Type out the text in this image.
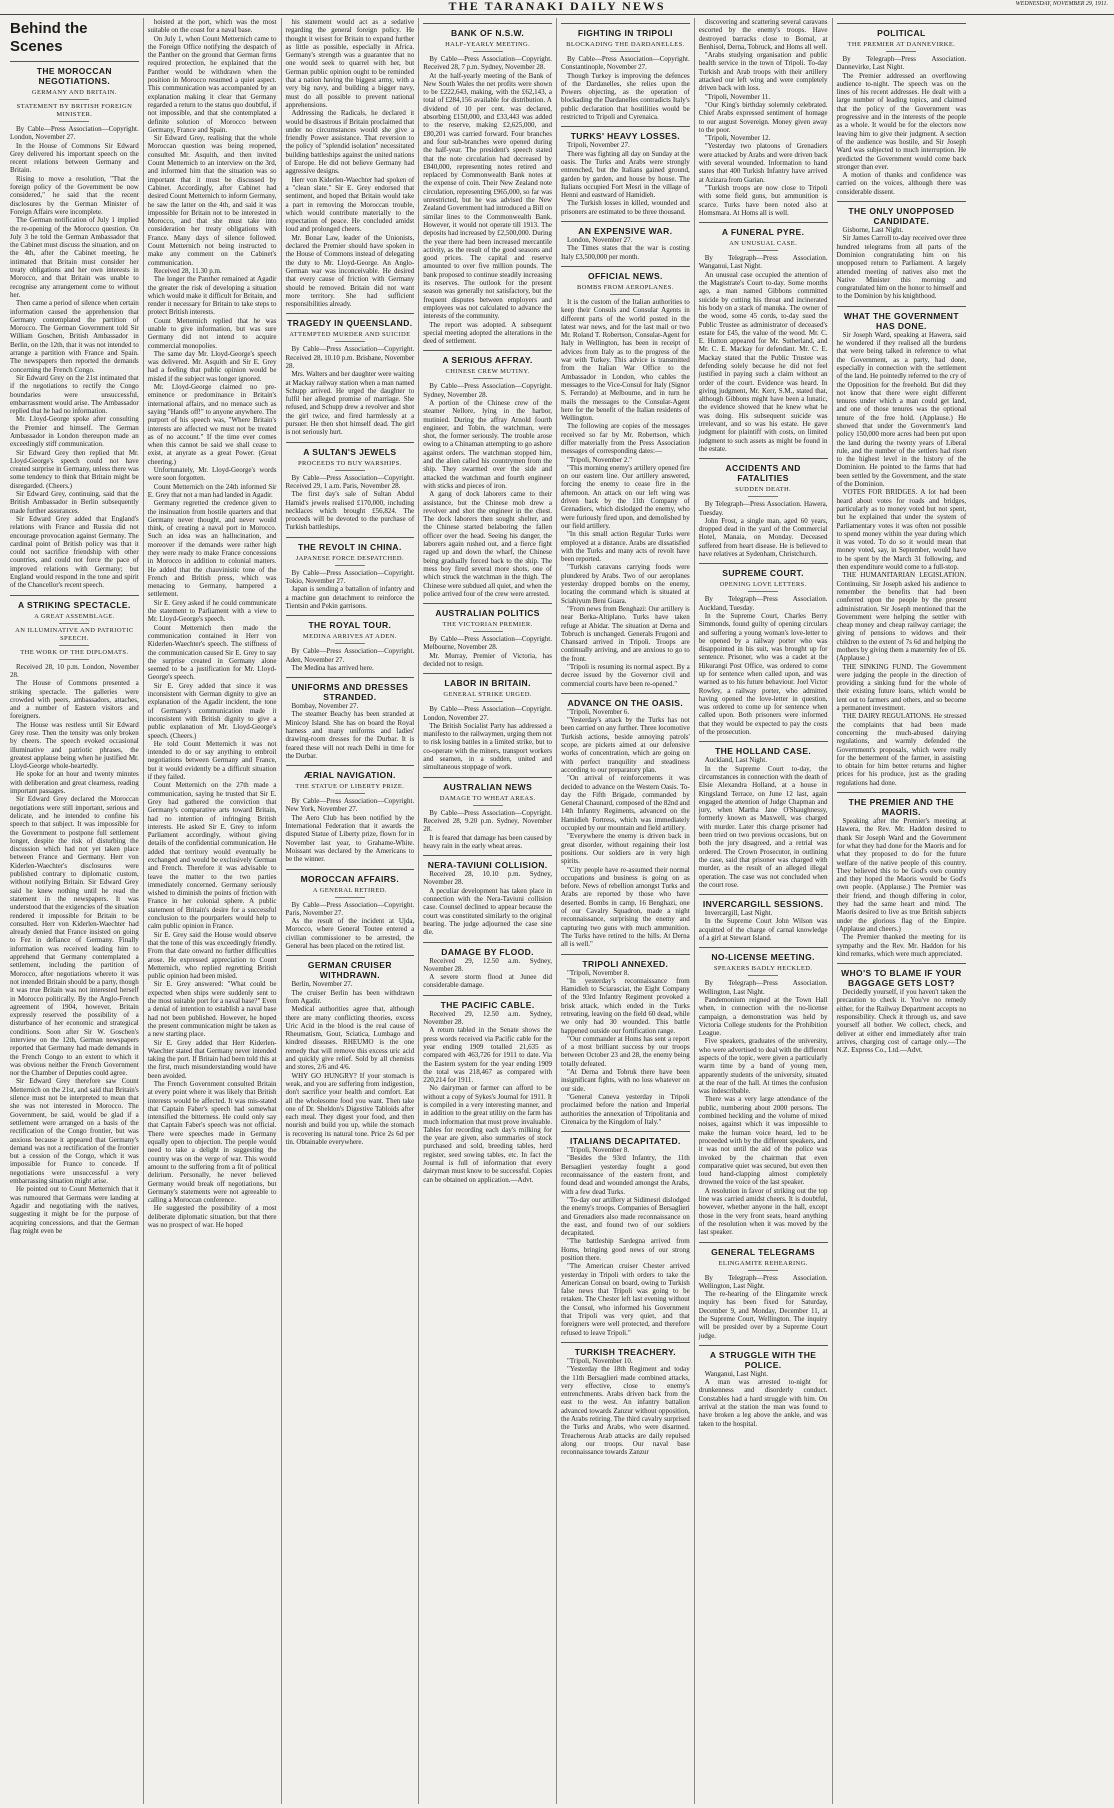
THE TARANAKI DAILY NEWS	WEDNESDAY, NOVEMBER 29, 1911.
Behind the Scenes
THE MOROCCAN NEGOTIATIONS.
GERMANY AND BRITAIN.
STATEMENT BY BRITISH FOREIGN MINISTER.

By Cable—Press Association—Copyright. London, November 27.

In the House of Commons Sir Edward Grey delivered his important speech on the recent relations between Germany and Britain.

Rising to move a resolution, "That the foreign policy of the Government be now considered," he said that the recent disclosures by the German Minister of Foreign Affairs were incomplete.

The German notification of July 1 implied the re-opening of the Morocco question. On July 3 he told the German Ambassador that the Cabinet must discuss the situation, and on the 4th, after the Cabinet meeting, he intimated that Britain must consider her treaty obligations and her own interests in Morocco, and that Britain was unable to recognise any arrangement come to without her.

Then came a period of silence when certain information caused the apprehension that Germany contemplated the partition of Morocco. The German Government told Sir William Goschen, British Ambassador in Berlin, on the 12th, that it was not intended to arrange a partition with France and Spain. The newspapers then reported the demands concerning the French Congo.

Sir Edward Grey on the 21st intimated that if the negotiations to rectify the Congo boundaries were unsuccessful, embarrassment would arise. The Ambassador replied that he had no information.

Mr. Lloyd-George spoke after consulting the Premier and himself. The German Ambassador in London thereupon made an exceedingly stiff communication.

Sir Edward Grey then replied that Mr. Lloyd-George's speech could not have created surprise in Germany, unless there was some tendency to think that Britain might be disregarded. (Cheers.)

Sir Edward Grey, continuing, said that the British Ambassador in Berlin subsequently made further assurances.

Sir Edward Grey added that England's relations with France and Russia did not encourage provocation against Germany. The cardinal point of British policy was that it could not sacrifice friendship with other countries, and could not force the pace of improved relations with Germany; but England would respond in the tone and spirit of the Chancellor's recent speech.

A STRIKING SPECTACLE.
A GREAT ASSEMBLAGE.
AN ILLUMINATIVE AND PATRIOTIC SPEECH.
THE WORK OF THE DIPLOMATS.

Received 28, 10 p.m. London, November 28.

The House of Commons presented a striking spectacle. The galleries were crowded with peers, ambassadors, attaches, and a number of Eastern visitors and foreigners.

The House was restless until Sir Edward Grey rose. Then the tensity was only broken by cheers. The speech evoked occasional illuminative and patriotic phrases, the greatest applause being when he justified Mr. Lloyd-George whole-heartedly.

He spoke for an hour and twenty minutes with deliberation and great clearness, reading important passages.

Sir Edward Grey declared the Moroccan negotiations were still important, serious and delicate, and he intended to confine his speech to that subject. It was impossible for the Government to postpone full settlement longer, despite the risk of disturbing the discussion which had not yet taken place between France and Germany. Herr von Kiderlen-Waechter's disclosures were published contrary to diplomatic custom, without notifying Britain. Sir Edward Grey said he knew nothing until he read the statement in the newspapers. It was understood that the exigencies of the situation rendered it impossible for Britain to be consulted. Herr von Kiderlen-Waechter had already denied that France insisted on going to Fez in defiance of Germany. Finally information was received leading him to apprehend that Germany contemplated a settlement, including the partition of Morocco, after negotiations whereto it was not intended Britain should be a party, though it was true Britain was not interested herself in Morocco politically. By the Anglo-French agreement of 1904, however, Britain expressly reserved the possibility of a disturbance of her economic and strategical conditions. Soon after Sir W. Goschen's interview on the 12th, German newspapers reported that Germany had made demands in the French Congo to an extent to which it was obvious neither the French Government nor the Chamber of Deputies could agree.

Sir Edward Grey therefore saw Count Metternich on the 21st, and said that Britain's silence must not be interpreted to mean that she was not interested in Morocco. The Government, he said, would be glad if a settlement were arranged on a basis of the rectification of the Congo frontier, but was anxious because it appeared that Germany's demand was not a rectification of the frontier but a cession of the Congo, which it was impossible for France to concede. If negotiations were unsuccessful a very embarrassing situation might arise.

He pointed out to Count Metternich that it was rumoured that Germans were landing at Agadir and negotiating with the natives, suggesting it might be for the purpose of acquiring concessions, and that the German flag might even be

hoisted at the port, which was the most suitable on the coast for a naval base.

On July 1, when Count Metternich came to the Foreign Office notifying the despatch of the Panther on the ground that German firms required protection, he explained that the Panther would be withdrawn when the position in Morocco resumed a quiet aspect. This communication was accompanied by an explanation making it clear that Germany regarded a return to the status quo doubtful, if not impossible, and that she contemplated a definite solution of Morocco between Germany, France and Spain.

Sir Edward Grey, realising that the whole Moroccan question was being reopened, consulted Mr. Asquith, and then invited Count Metternich to an interview on the 3rd, and informed him that the situation was so important that it must be discussed by Cabinet. Accordingly, after Cabinet had desired Count Metternich to inform Germany, he saw the latter on the 4th, and said it was impossible for Britain not to be interested in Morocco, and that she must take into consideration her treaty obligations with France. Many days of silence followed. Count Metternich not being instructed to make any comment on the Cabinet's communication.

Received 28, 11.30 p.m.

The longer the Panther remained at Agadir the greater the risk of developing a situation which would make it difficult for Britain, and render it necessary for Britain to take steps to protect British interests.

Count Metternich replied that he was unable to give information, but was sure Germany did not intend to acquire commercial monopolies.

The same day Mr. Lloyd-George's speech was delivered. Mr. Asquith and Sir E. Grey had a feeling that public opinion would be misled if the subject was longer ignored.

Mr. Lloyd-George claimed no pre-eminence or predominance in Britain's international affairs, and no menace such as saying "Hands off!" to anyone anywhere. The purport of his speech was, "Where Britain's interests are affected we must not be treated as of no account." If the time ever comes when this cannot be said we shall cease to exist, at anyrate as a great Power. (Great cheering.)

Unfortunately, Mr. Lloyd-George's words were soon forgotten.

Count Metternich on the 24th informed Sir E. Grey that not a man had landed in Agadir.

Germany regretted the credence given to the insinuation from hostile quarters and that Germany never thought, and never would think, of creating a naval port in Morocco. Such an idea was an hallucination, and moreover if the demands were rather high they were ready to make France concessions in Morocco in addition to colonial matters. He added that the chauvinistic tone of the French and British press, which was menacing to Germany, hampered a settlement.

Sir E. Grey asked if he could communicate the statement to Parliament with a view to Mr. Lloyd-George's speech.

Count Metternich then made the communication contained in Herr von Kiderlen-Waechter's speech. The stiffness of the communication caused Sir E. Grey to say the surprise created in Germany alone seemed to be a justification for Mr. Lloyd-George's speech.

Sir E. Grey added that since it was inconsistent with German dignity to give an explanation of the Agadir incident, the tone of Germany's communication made it inconsistent with British dignity to give a public explanation of Mr. Lloyd-George's speech. (Cheers.)

He told Count Metternich it was not intended to do or say anything to embroil negotiations between Germany and France, but it would evidently be a difficult situation if they failed.

Count Metternich on the 27th made a communication, saying he trusted that Sir E. Grey had gathered the conviction that Germany's comparative arts toward Britain, had no intention of infringing British interests. He asked Sir E. Grey to inform Parliament accordingly, without giving details of the confidential communication. He added that territory would eventually be exchanged and would be exclusively German and French. Therefore it was advisable to leave the matter to the two parties immediately concerned. Germany seriously wished to diminish the points of friction with France in her colonial sphere. A public statement of Britain's desire for a successful conclusion to the pourparlers would help to calm public opinion in France.

Sir E. Grey said the House would observe that the tone of this was exceedingly friendly. From that date onward no further difficulties arose. He expressed appreciation to Count Metternich, who replied regretting British public opinion had been misled.

Sir E. Grey answered: "What could be expected when ships were suddenly sent to the most suitable port for a naval base?" Even a denial of intention to establish a naval base had not been published. However, he hoped the present communication might be taken as a new starting place.

Sir E. Grey added that Herr Kiderlen-Waechter stated that Germany never intended taking the port. If Britain had been told this at the first, much misunderstanding would have been avoided.

The French Government consulted Britain at every point where it was likely that British interests would be affected. It was mis-stated that Captain Faber's speech had somewhat intensified the bitterness. He could only say that Captain Faber's speech was not official. There were speeches made in Germany equally open to objection. The people would need to take a delight in suggesting the country was on the verge of war. This would amount to the suffering from a fit of political delirium. Personally, he never believed Germany would break off negotiations, but Germany's statements were not agreeable to calling a Moroccan conference.

He suggested the possibility of a most deliberate diplomatic situation, but that there was no prospect of war. He hoped

his statement would act as a sedative regarding the general foreign policy. He thought it wisest for Britain to expand further as little as possible, especially in Africa. Germany's strength was a guarantee that no one would seek to quarrel with her, but German public opinion ought to be reminded that a nation having the biggest army, with a very big navy, and building a bigger navy, must do all possible to prevent national apprehensions.

Addressing the Radicals, he declared it would be disastrous if Britain proclaimed that under no circumstances would she give a friendly Power assistance. That reversion to the policy of "splendid isolation" necessitated building battleships against the united nations of Europe. He did not believe Germany had aggressive designs.

Herr von Kiderlen-Waechter had spoken of a "clean slate." Sir E. Grey endorsed that sentiment, and hoped that Britain would take a part in removing the Moroccan trouble, which would contribute materially to the expectation of peace. He concluded amidst loud and prolonged cheers.

Mr. Bonar Law, leader of the Unionists, declared the Premier should have spoken in the House of Commons instead of delegating the duty to Mr. Lloyd-George. An Anglo-German war was inconceivable. He desired that every cause of friction with Germany should be removed. Britain did not want more territory. She had sufficient responsibilities already.

TRAGEDY IN QUEENSLAND.
ATTEMPTED MURDER AND SUICIDE

By Cable—Press Association—Copyright. Received 28, 10.10 p.m. Brisbane, November 28.

Mrs. Walters and her daughter were waiting at Mackay railway station when a man named Schupp arrived. He urged the daughter to fulfil her alleged promise of marriage. She refused, and Schupp drew a revolver and shot the girl twice, and fired harmlessly at a pursuer. He then shot himself dead. The girl is not seriously hurt.

A SULTAN'S JEWELS
PROCEEDS TO BUY WARSHIPS.

By Cable—Press Association—Copyright. Received 29, 1 a.m. Paris, November 28.

The first day's sale of Sultan Abdul Hamid's jewels realised £170,000, including necklaces which brought £56,824. The proceeds will be devoted to the purchase of Turkish battleships.

THE REVOLT IN CHINA.
JAPANESE FORCE DESPATCHED.

By Cable—Press Association—Copyright. Tokio, November 27.

Japan is sending a battalion of infantry and a machine gun detachment to reinforce the Tientsin and Pekin garrisons.

THE ROYAL TOUR.
MEDINA ARRIVES AT ADEN.

By Cable—Press Association—Copyright. Aden, November 27.

The Medina has arrived here.

UNIFORMS AND DRESSES STRANDED.

Bombay, November 27.

The steamer Beachy has been stranded at Minicoy Island. She has on board the Royal harness and many uniforms and ladies' drawing-room dresses for the Durbar. It is feared these will not reach Delhi in time for the Durbar.

ÆRIAL NAVIGATION.
THE STATUE OF LIBERTY PRIZE.

By Cable—Press Association—Copyright. New York, November 27.

The Aero Club has been notified by the International Federation that it awards the disputed Statue of Liberty prize, flown for in November last year, to Grahame-White. Moissant was declared by the Americans to be the winner.

MOROCCAN AFFAIRS.
A GENERAL RETIRED.

By Cable—Press Association—Copyright. Paris, November 27.

As the result of the incident at Ujda, Morocco, where General Toutee entered a civilian commissioner to be arrested, the General has been placed on the retired list.

GERMAN CRUISER WITHDRAWN.

Berlin, November 27.

The cruiser Berlin has been withdrawn from Agadir.

Medical authorities agree that, although there are many conflicting theories, excess Uric Acid in the blood is the real cause of Rheumatism, Gout, Sciatica, Lumbago and kindred diseases. RHEUMO is the one remedy that will remove this excess uric acid and quickly give relief. Sold by all chemists and stores, 2/6 and 4/6.

WHY GO HUNGRY? If your stomach is weak, and you are suffering from indigestion, don't sacrifice your health and comfort. Eat all the wholesome food you want. Then take one of Dr. Sheldon's Digestive Tabloids after each meal. They digest your food, and then nourish and build you up, while the stomach is recovering its natural tone. Price 2s 6d per tin. Obtainable everywhere.

BANK OF N.S.W.
HALF-YEARLY MEETING.

By Cable—Press Association—Copyright. Received 28, 7 p.m. Sydney, November 28.

At the half-yearly meeting of the Bank of New South Wales the net profits were shown to be £222,643, making, with the £62,143, a total of £284,156 available for distribution. A dividend of 10 per cent. was declared, absorbing £150,000, and £33,443 was added to the reserve, making £2,625,000, and £80,201 was carried forward. Four branches and four sub-branches were opened during the half-year. The president's speech stated that the note circulation had decreased by £840,000, representing notes retired and replaced by Commonwealth Bank notes at the expense of coin. Their New Zealand note circulation, representing £965,000, so far was unrestricted, but he was advised the New Zealand Government had introduced a Bill on similar lines to the Commonwealth Bank. However, it would not operate till 1913. The deposits had increased by £2,500,000. During the year there had been increased mercantile activity, as the result of the good seasons and good prices. The capital and reserve amounted to over five million pounds. The bank proposed to continue steadily increasing its reserves. The outlook for the present season was generally not satisfactory, but the frequent disputes between employers and employees was not calculated to advance the interests of the community.

The report was adopted. A subsequent special meeting adopted the alterations in the deed of settlement.

A SERIOUS AFFRAY.
CHINESE CREW MUTINY.

By Cable—Press Association—Copyright. Sydney, November 28.

A portion of the Chinese crew of the steamer Nellore, lying in the harbor, mutinied. During the affray Arnold fourth engineer, and Tobin, the watchman, were shot, the former seriously. The trouble arose owing to a Chinaman attempting to go ashore against orders. The watchman stopped him, and the alien called his countrymen from the ship. They swarmed over the side and attacked the watchman and fourth engineer with sticks and pieces of iron.

A gang of dock laborers came to their assistance, but the Chinese mob drew a revolver and shot the engineer in the chest. The dock laborers then sought shelter, and the Chinese started belaboring the fallen officer over the head. Seeing his danger, the laborers again rushed out, and a fierce fight raged up and down the wharf, the Chinese being gradually forced back to the ship. The mess boy fired several more shots, one of which struck the watchman in the thigh. The Chinese were subdued all quiet, and when the police arrived four of the crew were arrested.

AUSTRALIAN POLITICS
THE VICTORIAN PREMIER.

By Cable—Press Association—Copyright. Melbourne, November 28.

Mr. Murray, Premier of Victoria, has decided not to resign.

LABOR IN BRITAIN.
GENERAL STRIKE URGED.

By Cable—Press Association—Copyright. London, November 27.

The British Socialist Party has addressed a manifesto to the railwaymen, urging them not to risk losing battles in a limited strike, but to co-operate with the miners, transport workers and seamen, in a sudden, united and simultaneous stoppage of work.

AUSTRALIAN NEWS
DAMAGE TO WHEAT AREAS.

By Cable—Press Association—Copyright. Received 28, 9.20 p.m. Sydney, November 28.

It is feared that damage has been caused by heavy rain in the early wheat areas.

NERA-TAVIUNI COLLISION.

Received 28, 10.10 p.m. Sydney, November 28.

A peculiar development has taken place in connection with the Nera-Taviuni collision case. Counsel declined to appear because the court was constituted similarly to the original hearing. The judge adjourned the case sine die.

DAMAGE BY FLOOD.

Received 29, 12.50 a.m. Sydney, November 28.

A severe storm flood at Junee did considerable damage.

THE PACIFIC CABLE.

Received 29, 12.50 a.m. Sydney, November 28.

A return tabled in the Senate shows the press words received via Pacific cable for the year ending 1909 totalled 21,635 as compared with 463,726 for 1911 to date. Via the Eastern system for the year ending 1909 the total was 218,467 as compared with 220,214 for 1911.

No dairyman or farmer can afford to be without a copy of Sykes's Journal for 1911. It is compiled in a very interesting manner, and in addition to the great utility on the farm has much information that must prove invaluable. Tables for recording each day's milking for the year are given, also summaries of stock purchased and sold, breeding tables, herd register, seed sowing tables, etc. In fact the Journal is full of information that every dairyman must know to be successful. Copies can be obtained on application.—Advt.

FIGHTING IN TRIPOLI
BLOCKADING THE DARDANELLES.

By Cable—Press Association—Copyright. Constantinople, November 27.

Though Turkey is improving the defences of the Dardanelles, she relies upon the Powers objecting, as the operation of blockading the Dardanelles contradicts Italy's public declaration that hostilities would be restricted to Tripoli and Cyrenaica.

TURKS' HEAVY LOSSES.

Tripoli, November 27.

There was fighting all day on Sunday at the oasis. The Turks and Arabs were strongly entrenched, but the Italians gained ground, garden by garden, and house by house. The Italians occupied Fort Mesri in the village of Henni and eastward of Hamidieh.

The Turkish losses in killed, wounded and prisoners are estimated to be three thousand.

AN EXPENSIVE WAR.

London, November 27.

The Times states that the war is costing Italy £3,500,000 per month.

OFFICIAL NEWS.
BOMBS FROM AEROPLANES.

It is the custom of the Italian authorities to keep their Consuls and Consular Agents in different parts of the world posted in the latest war news, and for the last mail or two Mr. Roland T. Robertson, Consular-Agent for Italy in Wellington, has been in receipt of advices from Italy as to the progress of the war with Turkey. This advice is transmitted from the Italian War Office to the Ambassador in London, who cables the messages to the Vice-Consul for Italy (Signor S. Ferrando) at Melbourne, and in turn he mails the messages to the Consular-Agent here for the benefit of the Italian residents of Wellington.

The following are copies of the messages received so far by Mr. Robertson, which differ materially from the Press Association messages of corresponding dates:—

"Tripoli, November 2."

"This morning enemy's artillery opened fire on our eastern line. Our artillery answered, forcing the enemy to cease fire in the afternoon. An attack on our left wing was driven back by the 11th Company of Grenadiers, which dislodged the enemy, who were furiously fired upon, and demolished by our field artillery.

"In this small action Regular Turks were employed at a distance. Arabs are dissatisfied with the Turks and many acts of revolt have been reported.

"Turkish caravans carrying foods were plundered by Arabs. Two of our aeroplanes yesterday dropped bombs on the enemy, locating the command which is situated at Sciahiyum Beni Guara.

"From news from Benghazi: Our artillery is near Berka-Altiplano. Turks have taken refuge at Abidar. The situation at Derna and Tobruch is unchanged. Generals Frugoni and Chansard arrived in Tripoli. Troops are continually arriving, and are anxious to go to the front.

"Tripoli is resuming its normal aspect. By a decree issued by the Governor civil and commercial courts have been re-opened."

ADVANCE ON THE OASIS.

"Tripoli, November 6.

"Yesterday's attack by the Turks has not been carried on any further. Three locomotive Turkish actions, beside annoying patrols' scope, are pickets aimed at our defensive works of concentration, which are going on with perfect tranquility and steadiness according to our preparatory plan.

"On arrival of reinforcements it was decided to advance on the Western Oasis. To-day the Fifth Brigade, commanded by General Chaunard, composed of the 82nd and 14th Infantry Regiments, advanced on the Hamidieh Fortress, which was immediately occupied by our mountain and field artillery.

"Everywhere the enemy is driven back in great disorder, without regaining their lost positions. Our soldiers are in very high spirits.

"City people have re-assumed their normal occupations and business is going on as before. News of rebellion amongst Turks and Arabs are reported by those who have deserted. Bombs in camp, 16 Benghazi, one of our Cavalry Squadron, made a night reconnaissance, surprising the enemy and capturing two guns with much ammunition. The Turks have retired to the hills. At Derna all is well."

TRIPOLI ANNEXED.

"Tripoli, November 8.

"In yesterday's reconnaissance from Hamidieh to Sciarasciat, the Eight Company of the 93rd Infantry Regiment provoked a brisk attack, which ended in the Turks retreating, leaving on the field 60 dead, while we only had 30 wounded. This battle happened outside our fortification range.

"Our commander at Homs has sent a report of a most brilliant success by our troops between October 23 and 28, the enemy being totally defeated.

"At Derna and Tobruk there have been insignificant fights, with no loss whatever on our side.

"General Caneva yesterday in Tripoli proclaimed before the nation and Imperial authorities the annexation of Tripolitania and Cirenaica by the Kingdom of Italy."

ITALIANS DECAPITATED.

"Tripoli, November 8.

"Besides the 93rd Infantry, the 11th Bersaglieri yesterday fought a good reconnaissance of the eastern front, and found dead and wounded amongst the Arabs, with a few dead Turks.

"To-day our artillery at Sidimesri dislodged the enemy's troops. Companies of Bersaglieri and Grenadiers also made reconnaissance on the east, and found two of our soldiers decapitated.

"The battleship Sardegna arrived from Homs, bringing good news of our strong position there.

"The American cruiser Chester arrived yesterday in Tripoli with orders to take the American Consul on board, owing to Turkish false news that Tripoli was going to be retaken. The Chester left last evening without the Consul, who informed his Government that Tripoli was very quiet, and that foreigners were well protected, and therefore refused to leave Tripoli."

TURKISH TREACHERY.

"Tripoli, November 10.

"Yesterday the 18th Regiment and today the 11th Bersaglieri made combined attacks, very effective, close to enemy's entrenchments. Arabs driven back from the east to the west. An infantry battalion advanced towards Zanzur without opposition, the Arabs retiring. The third cavalry surprised the Turks and Arabs, who were disarmed. Treacherous Arab attacks are daily repulsed along our troops. Our naval base reconnaissance towards Zanzur

discovering and scattering several caravans escorted by the enemy's troops. Have destroyed barracks close to Bomal, at Benhisol, Derna, Tobruck, and Homs all well.

"Arabs studying organisation and public health service in the town of Tripoli. To-day Turkish and Arab troops with their artillery attacked our left wing and were completely driven back with loss.

"Tripoli, November 11.

"Our King's birthday solemnly celebrated. Chief Arabs expressed sentiment of homage to our august Sovereign. Money given away to the poor.

"Tripoli, November 12.

"Yesterday two platoons of Grenadiers were attacked by Arabs and were driven back with several wounded. Information to hand states that 400 Turkish Infantry have arrived at Azizara from Garian.

"Turkish troops are now close to Tripoli with some field guns, but ammunition is scarce. Turks have been noted also at Homsmara. At Homs all is well.

A FUNERAL PYRE.
AN UNUSUAL CASE.

By Telegraph—Press Association. Wanganui, Last Night.

An unusual case occupied the attention of the Magistrate's Court to-day. Some months ago, a man named Gibbons committed suicide by cutting his throat and incinerated his body on a stack of manuka. The owner of the wood, some 45 cords, to-day sued the Public Trustee as administrator of deceased's estate for £45, the value of the wood. Mr. C. E. Hutton appeared for Mr. Sutherland, and Mr. C. E. Mackay for defendant. Mr. C. E. Mackay stated that the Public Trustee was defending solely because he did not feel justified in paying such a claim without an order of the court. Evidence was heard. In giving judgment, Mr. Kerr, S.M., stated that, although Gibbons might have been a lunatic, the evidence showed that he knew what he was doing. His subsequent suicide was irrelevant, and so was his estate. He gave judgment for plaintiff with costs, on limited judgment to such assets as might be found in the estate.

ACCIDENTS AND FATALITIES
SUDDEN DEATH.

By Telegraph—Press Association. Hawera, Tuesday.

John Frost, a single man, aged 60 years, dropped dead in the yard of the Commercial Hotel, Manaia, on Monday. Deceased suffered from heart disease. He is believed to have relatives at Sydenham, Christchurch.

SUPREME COURT.
OPENING LOVE LETTERS.

By Telegraph—Press Association. Auckland, Tuesday.

In the Supreme Court, Charles Berry Simmonds, found guilty of opening circulars and suffering a young woman's love-letter to be opened by a railway porter who was disappointed in his suit, was brought up for sentence. Prisoner, who was a cadet at the Hikurangi Post Office, was ordered to come up for sentence when called upon, and was warned as to his future behaviour. Joel Victor Rowley, a railway porter, who admitted having opened the love-letter in question, was ordered to come up for sentence when called upon. Both prisoners were informed that they would be expected to pay the costs of the prosecution.

THE HOLLAND CASE.

Auckland, Last Night.

In the Supreme Court to-day, the circumstances in connection with the death of Elsie Alexandra Holland, at a house in Kingsland Terrace, on June 12 last, again engaged the attention of Judge Chapman and jury, when Martha Jane O'Shaughnessy, formerly known as Maxwell, was charged with murder. Later this charge prisoner had been tried on two previous occasions, but on both the jury disagreed, and a retrial was ordered. The Crown Prosecutor, in outlining the case, said that prisoner was charged with murder, as the result of an alleged illegal operation. The case was not concluded when the court rose.

INVERCARGILL SESSIONS.

Invercargill, Last Night.

In the Supreme Court John Wilson was acquitted of the charge of carnal knowledge of a girl at Stewart Island.

NO-LICENSE MEETING.
SPEAKERS BADLY HECKLED.

By Telegraph—Press Association. Wellington, Last Night.

Pandemonium reigned at the Town Hall when, in connection with the no-license campaign, a demonstration was held by Victoria College students for the Prohibition League.

Five speakers, graduates of the university, who were advertised to deal with the different aspects of the topic, were given a particularly warm time by a band of young men, apparently students of the university, situated at the rear of the hall. At times the confusion was indescribable.

There was a very large attendance of the public, numbering about 2000 persons. The combined heckling and the volume of mixed noises, against which it was impossible to make the human voice heard, led to be proceeded with by the different speakers, and it was not until the aid of the police was invoked by the chairman that even comparative quiet was secured, but even then loud hand-clapping almost completely drowned the voice of the last speaker.

A resolution in favor of striking out the top line was carried amidst cheers. It is doubtful, however, whether anyone in the hall, except those in the very front seats, heard anything of the resolution when it was moved by the last speaker.

GENERAL TELEGRAMS
ELINGAMITE REHEARING.

By Telegraph—Press Association. Wellington, Last Night.

The re-hearing of the Elingamite wreck inquiry has been fixed for Saturday, December 9, and Monday, December 11, at the Supreme Court, Wellington. The inquiry will be presided over by a Supreme Court judge.

A STRUGGLE WITH THE POLICE.

Wanganui, Last Night.

A man was arrested to-night for drunkenness and disorderly conduct. Constables had a hard struggle with him. On arrival at the station the man was found to have broken a leg above the ankle, and was taken to the hospital.

POLITICAL
THE PREMIER AT DANNEVIRKE.

By Telegraph—Press Association. Dannevirke, Last Night.

The Premier addressed an overflowing audience to-night. The speech was on the lines of his recent addresses. He dealt with a large number of leading topics, and claimed that the policy of the Government was progressive and in the interests of the people as a whole. It would be for the electors now leaving him to give their judgment. A section of the audience was hostile, and Sir Joseph Ward was subjected to much interruption. He predicted the Government would come back stronger than ever.

A motion of thanks and confidence was carried on the voices, although there was considerable dissent.

THE ONLY UNOPPOSED CANDIDATE.

Gisborne, Last Night.

Sir James Carroll to-day received over three hundred telegrams from all parts of the Dominion congratulating him on his unopposed return to Parliament. A largely attended meeting of natives also met the Native Minister this morning and congratulated him on the honor to himself and to the Dominion by his knighthood.

WHAT THE GOVERNMENT HAS DONE.

Sir Joseph Ward, speaking at Hawera, said he wondered if they realised all the burdens that were being talked in reference to what the Government, as a party, had done, especially in connection with the settlement of the land. He pointedly referred to the cry of the Opposition for the freehold. But did they not know that there were eight different tenures under which a man could get land, and one of those tenures was the optional tenure of the free hold. (Applause.) He showed that under the Government's land policy 150,000 more acres had been put upon the land during the twenty years of Liberal rule, and the number of the settlers had risen to the highest level in the history of the Dominion. He pointed to the farms that had been settled by the Government, and the state of the Dominion.

VOTES FOR BRIDGES. A lot had been heard about votes for roads and bridges, particularly as to money voted but not spent, but he explained that under the system of Parliamentary votes it was often not possible to spend money within the year during which it was voted. To do so it would mean that money voted, say, in September, would have to be spent by the March 31 following, and then expenditure would come to a full-stop.

THE HUMANITARIAN LEGISLATION. Continuing, Sir Joseph asked his audience to remember the benefits that had been conferred upon the people by the present administration. Sir Joseph mentioned that the Government were helping the settler with cheap money and cheap railway carriage; the giving of pensions to widows and their children to the extent of 7s 6d and helping the mothers by giving them a maternity fee of £6. (Applause.)

THE SINKING FUND. The Government were judging the people in the direction of providing a sinking fund for the whole of their existing future loans, which would be lent out to farmers and others, and so become a permanent investment.

THE DAIRY REGULATIONS. He stressed the complaints that had been made concerning the much-abused dairying regulations, and warmly defended the Government's proposals, which were really for the betterment of the farmer, in assisting to obtain for him better returns and higher prices for his produce, just as the grading regulations had done.

THE PREMIER AND THE MAORIS.

Speaking after the Premier's meeting at Hawera, the Rev. Mr. Haddon desired to thank Sir Joseph Ward and the Government for what they had done for the Maoris and for what they proposed to do for the future welfare of the native people of this country. They believed this to be God's own country and they hoped the Maoris would be God's own people. (Applause.) The Premier was their friend, and though differing in color, they had the same heart and mind. The Maoris desired to live as true British subjects under the glorious flag of the Empire. (Applause and cheers.)

The Premier thanked the meeting for its sympathy and the Rev. Mr. Haddon for his kind remarks, which were much appreciated.

WHO'S TO BLAME IF YOUR BAGGAGE GETS LOST?

Decidedly yourself, if you haven't taken the precaution to check it. You've no remedy either, for the Railway Department accepts no responsibility. Check it through us, and save yourself all bother. We collect, check, and deliver at either end immediately after train arrives, charging cost of cartage only.—The N.Z. Express Co., Ltd.—Advt.
